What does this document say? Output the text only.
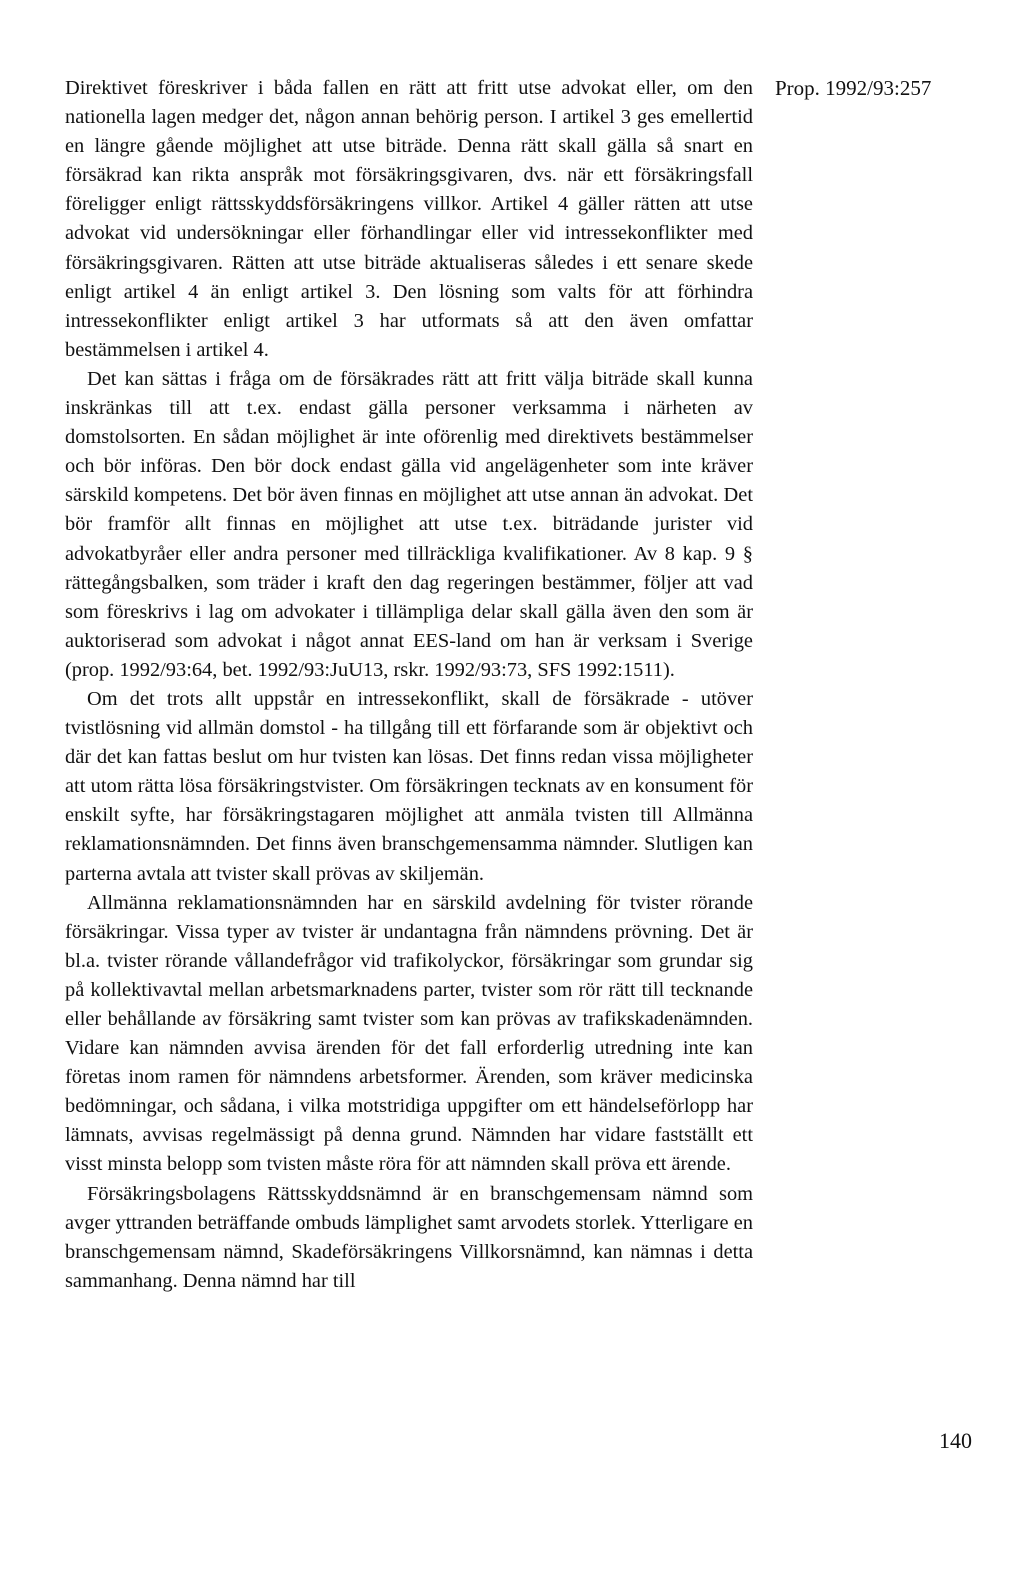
Prop. 1992/93:257

Direktivet föreskriver i båda fallen en rätt att fritt utse advokat eller, om den nationella lagen medger det, någon annan behörig person. I artikel 3 ges emellertid en längre gående möjlighet att utse biträde. Denna rätt skall gälla så snart en försäkrad kan rikta anspråk mot försäkringsgivaren, dvs. när ett försäkringsfall föreligger enligt rättsskyddsförsäkringens villkor. Artikel 4 gäller rätten att utse advokat vid undersökningar eller förhandlingar eller vid intressekonflikter med försäkringsgivaren. Rätten att utse biträde aktualiseras således i ett senare skede enligt artikel 4 än enligt artikel 3. Den lösning som valts för att förhindra intressekonflikter enligt artikel 3 har utformats så att den även omfattar bestämmelsen i artikel 4.

Det kan sättas i fråga om de försäkrades rätt att fritt välja biträde skall kunna inskränkas till att t.ex. endast gälla personer verksamma i närheten av domstolsorten. En sådan möjlighet är inte oförenlig med direktivets bestämmelser och bör införas. Den bör dock endast gälla vid angelägenheter som inte kräver särskild kompetens. Det bör även finnas en möjlighet att utse annan än advokat. Det bör framför allt finnas en möjlighet att utse t.ex. biträdande jurister vid advokatbyråer eller andra personer med tillräckliga kvalifikationer. Av 8 kap. 9 § rättegångsbalken, som träder i kraft den dag regeringen bestämmer, följer att vad som föreskrivs i lag om advokater i tillämpliga delar skall gälla även den som är auktoriserad som advokat i något annat EES-land om han är verksam i Sverige (prop. 1992/93:64, bet. 1992/93:JuU13, rskr. 1992/93:73, SFS 1992:1511).

Om det trots allt uppstår en intressekonflikt, skall de försäkrade - utöver tvistlösning vid allmän domstol - ha tillgång till ett förfarande som är objektivt och där det kan fattas beslut om hur tvisten kan lösas. Det finns redan vissa möjligheter att utom rätta lösa försäkringstvister. Om försäkringen tecknats av en konsument för enskilt syfte, har försäkringstagaren möjlighet att anmäla tvisten till Allmänna reklamationsnämnden. Det finns även branschgemensamma nämnder. Slutligen kan parterna avtala att tvister skall prövas av skiljemän.

Allmänna reklamationsnämnden har en särskild avdelning för tvister rörande försäkringar. Vissa typer av tvister är undantagna från nämndens prövning. Det är bl.a. tvister rörande vållandefrågor vid trafikolyckor, försäkringar som grundar sig på kollektivavtal mellan arbetsmarknadens parter, tvister som rör rätt till tecknande eller behållande av försäkring samt tvister som kan prövas av trafikskadenämnden. Vidare kan nämnden avvisa ärenden för det fall erforderlig utredning inte kan företas inom ramen för nämndens arbetsformer. Ärenden, som kräver medicinska bedömningar, och sådana, i vilka motstridiga uppgifter om ett händelseförlopp har lämnats, avvisas regelmässigt på denna grund. Nämnden har vidare fastställt ett visst minsta belopp som tvisten måste röra för att nämnden skall pröva ett ärende.

Försäkringsbolagens Rättsskyddsnämnd är en branschgemensam nämnd som avger yttranden beträffande ombuds lämplighet samt arvodets storlek. Ytterligare en branschgemensam nämnd, Skadeförsäkringens Villkorsnämnd, kan nämnas i detta sammanhang. Denna nämnd har till

140
